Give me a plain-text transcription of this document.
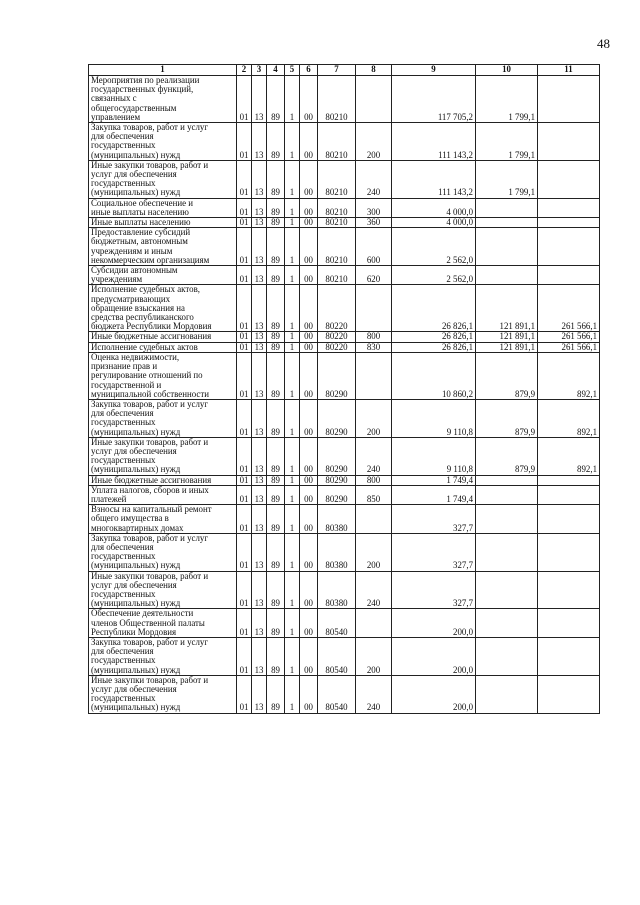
48
1	2	3	4	5	6	7	8	9	10	11
Мероприятия по реализации
государственных функций,
связанных с
общегосударственным
управлением	01	13	89	1	00	80210		117 705,2	1 799,1	
Закупка товаров, работ и услуг
для обеспечения
государственных
(муниципальных) нужд	01	13	89	1	00	80210	200	111 143,2	1 799,1	
Иные закупки товаров, работ и
услуг для обеспечения
государственных
(муниципальных) нужд	01	13	89	1	00	80210	240	111 143,2	1 799,1	
Социальное обеспечение и
иные выплаты населению	01	13	89	1	00	80210	300	4 000,0		
Иные выплаты населению	01	13	89	1	00	80210	360	4 000,0		
Предоставление субсидий
бюджетным, автономным
учреждениям и иным
некоммерческим организациям	01	13	89	1	00	80210	600	2 562,0		
Субсидии автономным
учреждениям	01	13	89	1	00	80210	620	2 562,0		
Исполнение судебных актов,
предусматривающих
обращение взыскания на
средства республиканского
бюджета Республики Мордовия	01	13	89	1	00	80220		26 826,1	121 891,1	261 566,1
Иные бюджетные ассигнования	01	13	89	1	00	80220	800	26 826,1	121 891,1	261 566,1
Исполнение судебных актов	01	13	89	1	00	80220	830	26 826,1	121 891,1	261 566,1
Оценка недвижимости,
признание прав и
регулирование отношений по
государственной и
муниципальной собственности	01	13	89	1	00	80290		10 860,2	879,9	892,1
Закупка товаров, работ и услуг
для обеспечения
государственных
(муниципальных) нужд	01	13	89	1	00	80290	200	9 110,8	879,9	892,1
Иные закупки товаров, работ и
услуг для обеспечения
государственных
(муниципальных) нужд	01	13	89	1	00	80290	240	9 110,8	879,9	892,1
Иные бюджетные ассигнования	01	13	89	1	00	80290	800	1 749,4		
Уплата налогов, сборов и иных
платежей	01	13	89	1	00	80290	850	1 749,4		
Взносы на капитальный ремонт
общего имущества в
многоквартирных домах	01	13	89	1	00	80380		327,7		
Закупка товаров, работ и услуг
для обеспечения
государственных
(муниципальных) нужд	01	13	89	1	00	80380	200	327,7		
Иные закупки товаров, работ и
услуг для обеспечения
государственных
(муниципальных) нужд	01	13	89	1	00	80380	240	327,7		
Обеспечение деятельности
членов Общественной палаты
Республики Мордовия	01	13	89	1	00	80540		200,0		
Закупка товаров, работ и услуг
для обеспечения
государственных
(муниципальных) нужд	01	13	89	1	00	80540	200	200,0		
Иные закупки товаров, работ и
услуг для обеспечения
государственных
(муниципальных) нужд	01	13	89	1	00	80540	240	200,0		
